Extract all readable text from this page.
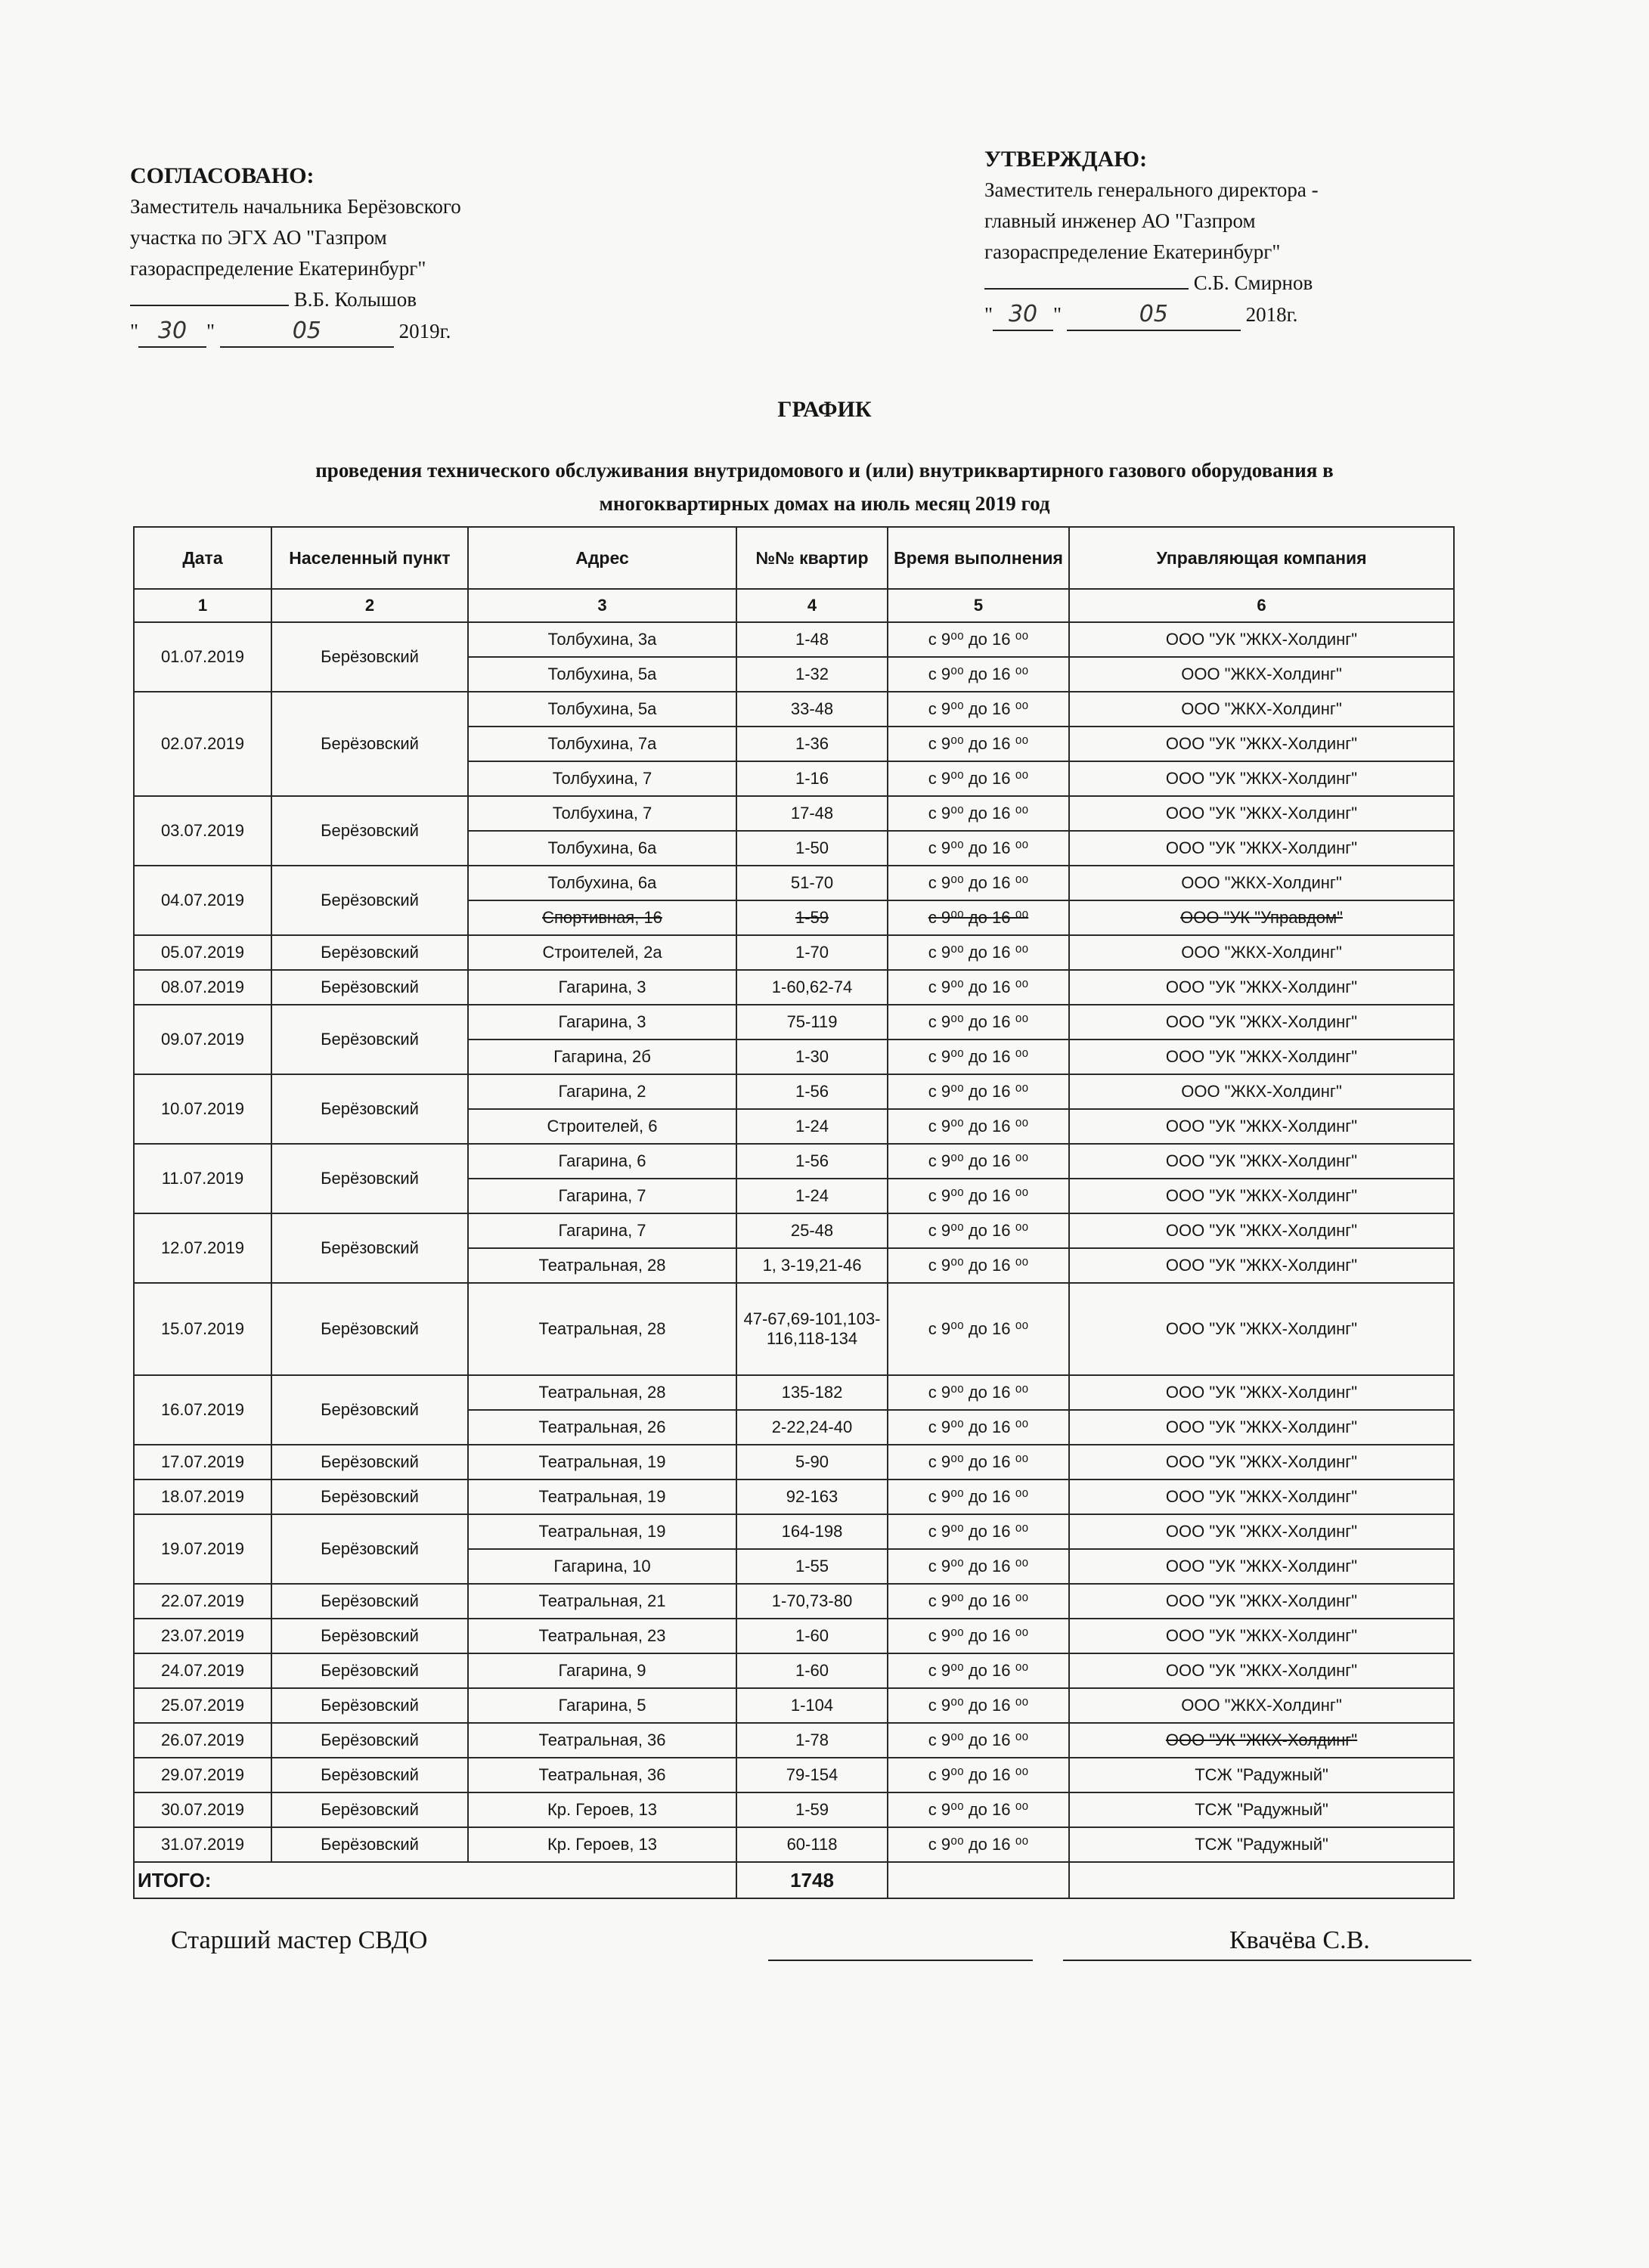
СОГЛАСОВАНО:
Заместитель начальника Берёзовского
участка по ЭГХ АО "Газпром
газораспределение Екатеринбург"
В.Б. Колышов
" 30 "	05	2019г.
УТВЕРЖДАЮ:
Заместитель генерального директора -
главный инженер АО "Газпром
газораспределение Екатеринбург"
С.Б. Смирнов
" 30 "	05	2018г.
ГРАФИК
проведения технического обслуживания внутридомового и (или) внутриквартирного газового оборудования в
многоквартирных домах на июль месяц 2019 год
Дата	Населенный пункт	Адрес	№№ квартир	Время выполнения	Управляющая компания
1	2	3	4	5	6
01.07.2019	Берёзовский	Толбухина, 3а	1-48	с 9⁰⁰ до 16 ⁰⁰	ООО "УК "ЖКХ-Холдинг"
		Толбухина, 5а	1-32	с 9⁰⁰ до 16 ⁰⁰	ООО "ЖКХ-Холдинг"
02.07.2019	Берёзовский	Толбухина, 5а	33-48	с 9⁰⁰ до 16 ⁰⁰	ООО "ЖКХ-Холдинг"
		Толбухина, 7а	1-36	с 9⁰⁰ до 16 ⁰⁰	ООО "УК "ЖКХ-Холдинг"
		Толбухина, 7	1-16	с 9⁰⁰ до 16 ⁰⁰	ООО "УК "ЖКХ-Холдинг"
03.07.2019	Берёзовский	Толбухина, 7	17-48	с 9⁰⁰ до 16 ⁰⁰	ООО "УК "ЖКХ-Холдинг"
		Толбухина, 6а	1-50	с 9⁰⁰ до 16 ⁰⁰	ООО "УК "ЖКХ-Холдинг"
04.07.2019	Берёзовский	Толбухина, 6а	51-70	с 9⁰⁰ до 16 ⁰⁰	ООО "ЖКХ-Холдинг"
		Спортивная, 16	1-59	с 9⁰⁰ до 16 ⁰⁰	ООО "УК "Управдом"
05.07.2019	Берёзовский	Строителей, 2а	1-70	с 9⁰⁰ до 16 ⁰⁰	ООО "ЖКХ-Холдинг"
08.07.2019	Берёзовский	Гагарина, 3	1-60,62-74	с 9⁰⁰ до 16 ⁰⁰	ООО "УК "ЖКХ-Холдинг"
09.07.2019	Берёзовский	Гагарина, 3	75-119	с 9⁰⁰ до 16 ⁰⁰	ООО "УК "ЖКХ-Холдинг"
		Гагарина, 2б	1-30	с 9⁰⁰ до 16 ⁰⁰	ООО "УК "ЖКХ-Холдинг"
10.07.2019	Берёзовский	Гагарина, 2	1-56	с 9⁰⁰ до 16 ⁰⁰	ООО "ЖКХ-Холдинг"
		Строителей, 6	1-24	с 9⁰⁰ до 16 ⁰⁰	ООО "УК "ЖКХ-Холдинг"
11.07.2019	Берёзовский	Гагарина, 6	1-56	с 9⁰⁰ до 16 ⁰⁰	ООО "УК "ЖКХ-Холдинг"
		Гагарина, 7	1-24	с 9⁰⁰ до 16 ⁰⁰	ООО "УК "ЖКХ-Холдинг"
12.07.2019	Берёзовский	Гагарина, 7	25-48	с 9⁰⁰ до 16 ⁰⁰	ООО "УК "ЖКХ-Холдинг"
		Театральная, 28	1, 3-19,21-46	с 9⁰⁰ до 16 ⁰⁰	ООО "УК "ЖКХ-Холдинг"
15.07.2019	Берёзовский	Театральная, 28	47-67,69-101,103-116,118-134	с 9⁰⁰ до 16 ⁰⁰	ООО "УК "ЖКХ-Холдинг"
16.07.2019	Берёзовский	Театральная, 28	135-182	с 9⁰⁰ до 16 ⁰⁰	ООО "УК "ЖКХ-Холдинг"
		Театральная, 26	2-22,24-40	с 9⁰⁰ до 16 ⁰⁰	ООО "УК "ЖКХ-Холдинг"
17.07.2019	Берёзовский	Театральная, 19	5-90	с 9⁰⁰ до 16 ⁰⁰	ООО "УК "ЖКХ-Холдинг"
18.07.2019	Берёзовский	Театральная, 19	92-163	с 9⁰⁰ до 16 ⁰⁰	ООО "УК "ЖКХ-Холдинг"
19.07.2019	Берёзовский	Театральная, 19	164-198	с 9⁰⁰ до 16 ⁰⁰	ООО "УК "ЖКХ-Холдинг"
		Гагарина, 10	1-55	с 9⁰⁰ до 16 ⁰⁰	ООО "УК "ЖКХ-Холдинг"
22.07.2019	Берёзовский	Театральная, 21	1-70,73-80	с 9⁰⁰ до 16 ⁰⁰	ООО "УК "ЖКХ-Холдинг"
23.07.2019	Берёзовский	Театральная, 23	1-60	с 9⁰⁰ до 16 ⁰⁰	ООО "УК "ЖКХ-Холдинг"
24.07.2019	Берёзовский	Гагарина, 9	1-60	с 9⁰⁰ до 16 ⁰⁰	ООО "УК "ЖКХ-Холдинг"
25.07.2019	Берёзовский	Гагарина, 5	1-104	с 9⁰⁰ до 16 ⁰⁰	ООО "ЖКХ-Холдинг"
26.07.2019	Берёзовский	Театральная, 36	1-78	с 9⁰⁰ до 16 ⁰⁰	ООО "УК "ЖКХ-Холдинг"
29.07.2019	Берёзовский	Театральная, 36	79-154	с 9⁰⁰ до 16 ⁰⁰	ТСЖ "Радужный"
30.07.2019	Берёзовский	Кр. Героев, 13	1-59	с 9⁰⁰ до 16 ⁰⁰	ТСЖ "Радужный"
31.07.2019	Берёзовский	Кр. Героев, 13	60-118	с 9⁰⁰ до 16 ⁰⁰	ТСЖ "Радужный"
ИТОГО:			1748		
Старший мастер СВДО	Квачёва С.В.
